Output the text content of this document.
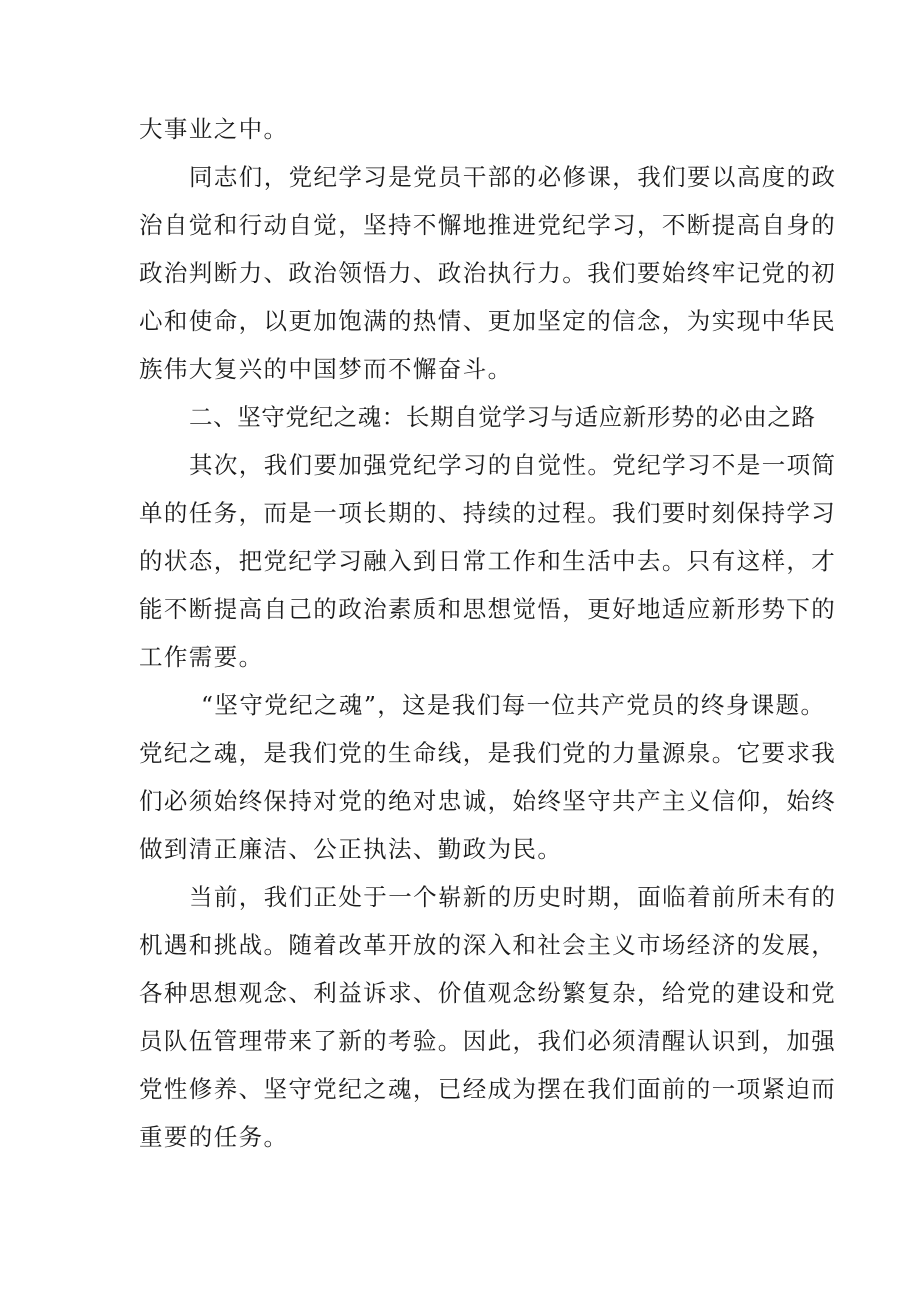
大事业之中。

同志们，党纪学习是党员干部的必修课，我们要以高度的政
治自觉和行动自觉，坚持不懈地推进党纪学习，不断提高自身的
政治判断力、政治领悟力、政治执行力。我们要始终牢记党的初
心和使命，以更加饱满的热情、更加坚定的信念，为实现中华民
族伟大复兴的中国梦而不懈奋斗。

二、坚守党纪之魂：长期自觉学习与适应新形势的必由之路

其次，我们要加强党纪学习的自觉性。党纪学习不是一项简
单的任务，而是一项长期的、持续的过程。我们要时刻保持学习
的状态，把党纪学习融入到日常工作和生活中去。只有这样，才
能不断提高自己的政治素质和思想觉悟，更好地适应新形势下的
工作需要。

“坚守党纪之魂”，这是我们每一位共产党员的终身课题。
党纪之魂，是我们党的生命线，是我们党的力量源泉。它要求我
们必须始终保持对党的绝对忠诚，始终坚守共产主义信仰，始终
做到清正廉洁、公正执法、勤政为民。

当前，我们正处于一个崭新的历史时期，面临着前所未有的
机遇和挑战。随着改革开放的深入和社会主义市场经济的发展，
各种思想观念、利益诉求、价值观念纷繁复杂，给党的建设和党
员队伍管理带来了新的考验。因此，我们必须清醒认识到，加强
党性修养、坚守党纪之魂，已经成为摆在我们面前的一项紧迫而
重要的任务。
